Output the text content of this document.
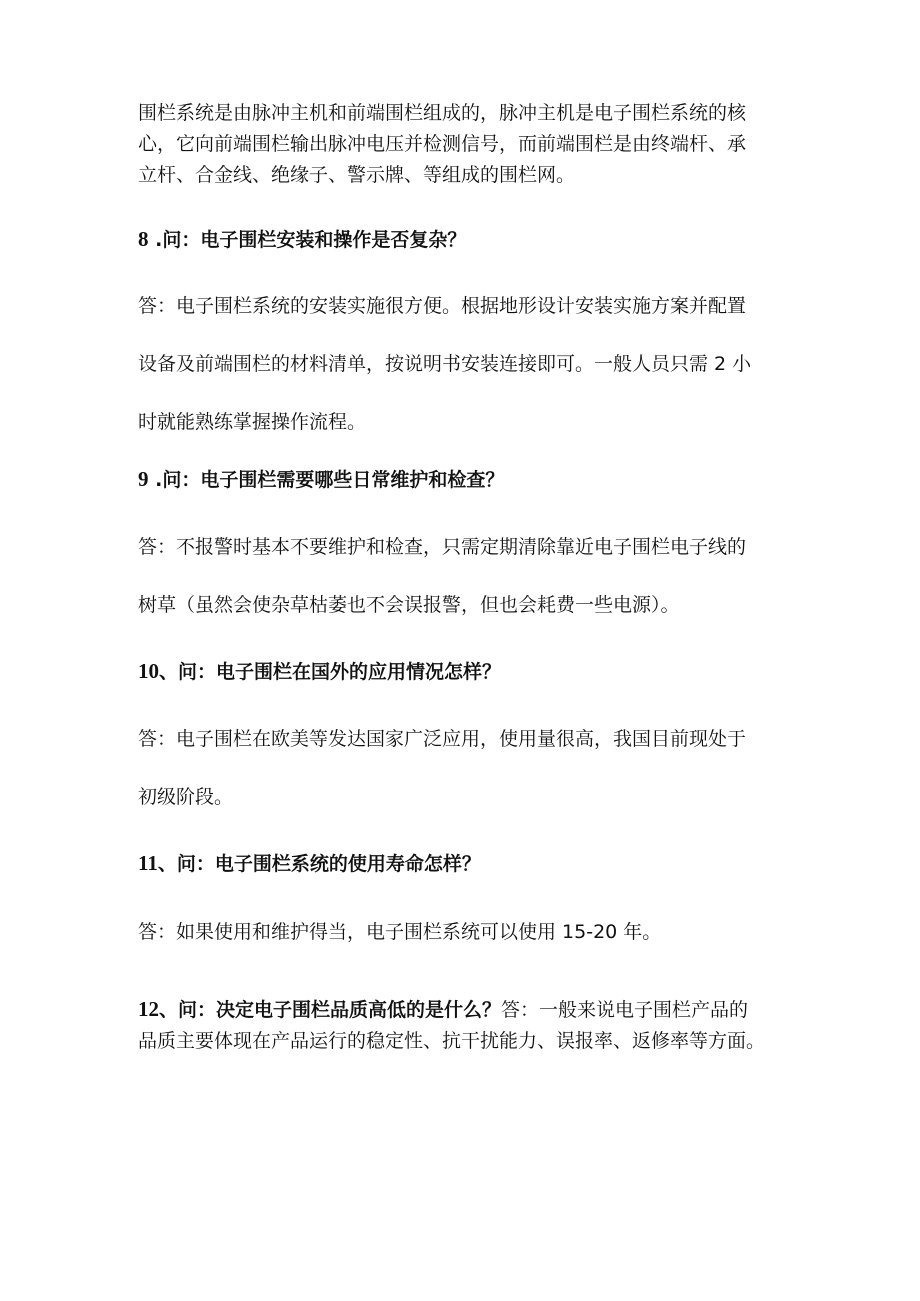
围栏系统是由脉冲主机和前端围栏组成的，脉冲主机是电子围栏系统的核
心，它向前端围栏输出脉冲电压并检测信号，而前端围栏是由终端杆、承
立杆、合金线、绝缘子、警示牌、等组成的围栏网。
8 .问：电子围栏安装和操作是否复杂？
答：电子围栏系统的安装实施很方便。根据地形设计安装实施方案并配置
设备及前端围栏的材料清单，按说明书安装连接即可。一般人员只需 2 小
时就能熟练掌握操作流程。
9 .问：电子围栏需要哪些日常维护和检查？
答：不报警时基本不要维护和检查，只需定期清除靠近电子围栏电子线的
树草（虽然会使杂草枯萎也不会误报警，但也会耗费一些电源）。
10、问：电子围栏在国外的应用情况怎样？
答：电子围栏在欧美等发达国家广泛应用，使用量很高，我国目前现处于
初级阶段。
11、问：电子围栏系统的使用寿命怎样？
答：如果使用和维护得当，电子围栏系统可以使用 15-20 年。
12、问：决定电子围栏品质高低的是什么？答：一般来说电子围栏产品的
品质主要体现在产品运行的稳定性、抗干扰能力、误报率、返修率等方面。
